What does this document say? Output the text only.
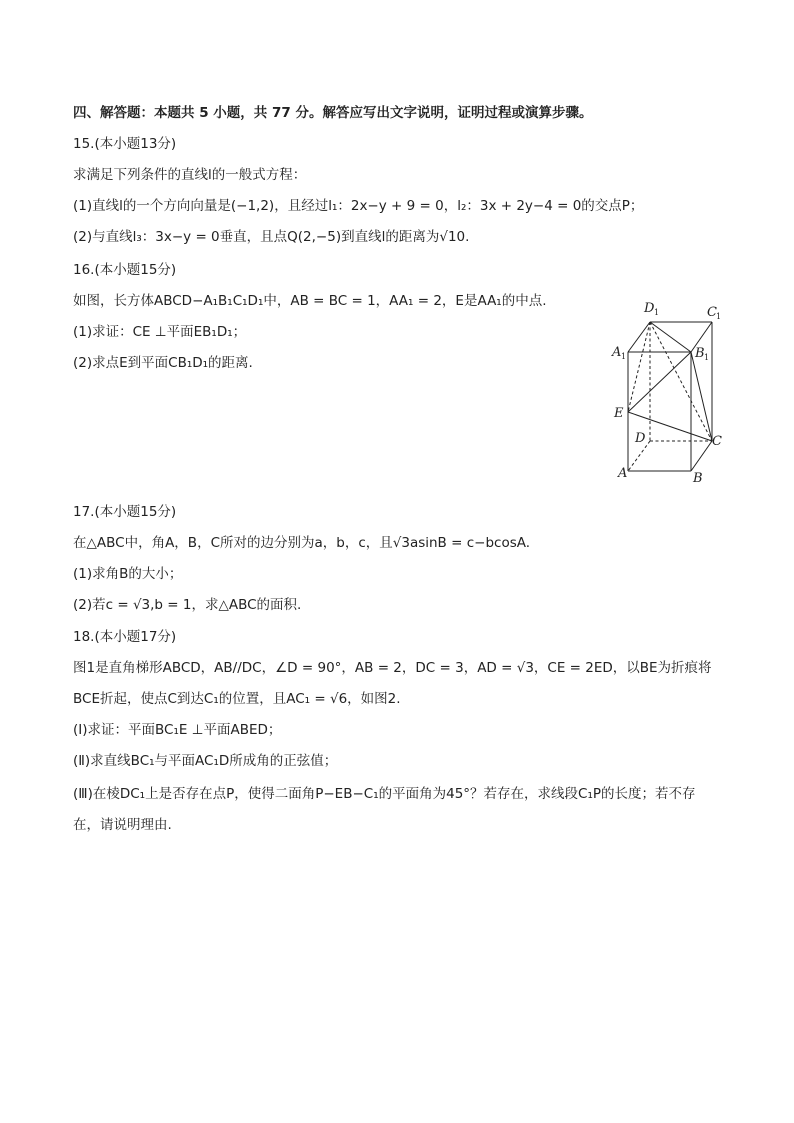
四、解答题：本题共 5 小题，共 77 分。解答应写出文字说明，证明过程或演算步骤。
15.(本小题13分)
求满足下列条件的直线l的一般式方程：
(1)直线l的一个方向向量是(−1,2)，且经过l₁：2x−y + 9 = 0，l₂：3x + 2y−4 = 0的交点P；
(2)与直线l₃：3x−y = 0垂直，且点Q(2,−5)到直线l的距离为√10.
16.(本小题15分)
如图，长方体ABCD−A₁B₁C₁D₁中，AB = BC = 1，AA₁ = 2，E是AA₁的中点.
(1)求证：CE ⊥平面EB₁D₁；
(2)求点E到平面CB₁D₁的距离.
D 1	C 1
A 1	B 1
E
D	C
A	B
17.(本小题15分)
在△ABC中，角A，B，C所对的边分别为a，b，c，且√3asinB = c−bcosA.
(1)求角B的大小；
(2)若c = √3,b = 1，求△ABC的面积.
18.(本小题17分)
图1是直角梯形ABCD，AB//DC，∠D = 90°，AB = 2，DC = 3，AD = √3，CE = 2ED，以BE为折痕将
BCE折起，使点C到达C₁的位置，且AC₁ = √6，如图2.
(Ⅰ)求证：平面BC₁E ⊥平面ABED；
(Ⅱ)求直线BC₁与平面AC₁D所成角的正弦值；
(Ⅲ)在棱DC₁上是否存在点P，使得二面角P−EB−C₁的平面角为45°？若存在，求线段C₁P的长度；若不存
在，请说明理由.
